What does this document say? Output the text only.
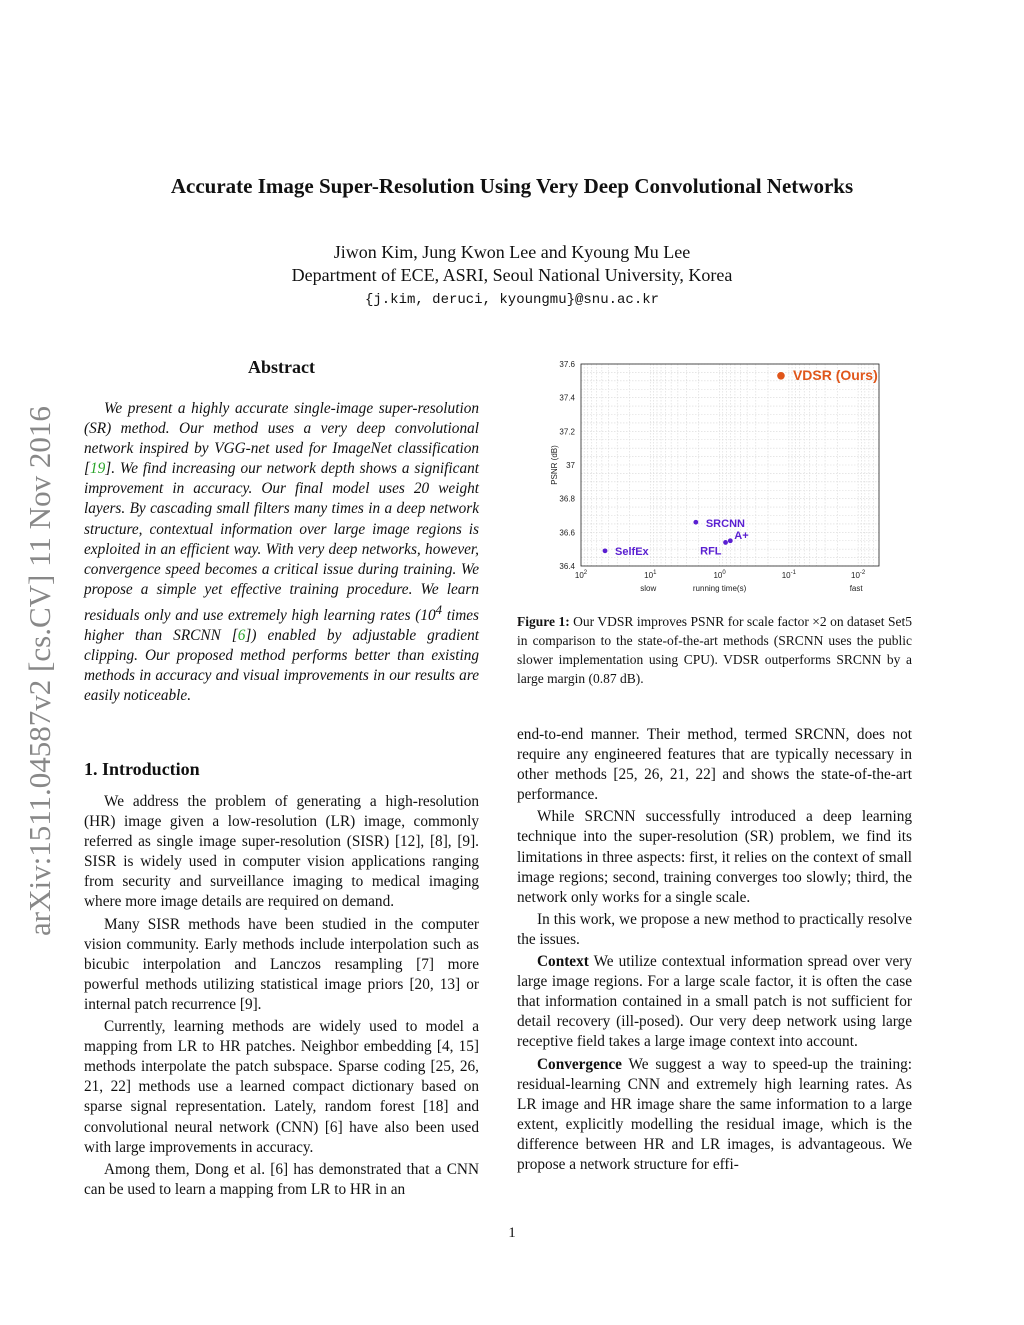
Accurate Image Super-Resolution Using Very Deep Convolutional Networks
Jiwon Kim, Jung Kwon Lee and Kyoung Mu Lee
Department of ECE, ASRI, Seoul National University, Korea
{j.kim, deruci, kyoungmu}@snu.ac.kr
arXiv:1511.04587v2 [cs.CV] 11 Nov 2016
Abstract
We present a highly accurate single-image super-resolution (SR) method. Our method uses a very deep convolutional network inspired by VGG-net used for ImageNet classification [19]. We find increasing our network depth shows a significant improvement in accuracy. Our final model uses 20 weight layers. By cascading small filters many times in a deep network structure, contextual information over large image regions is exploited in an efficient way. With very deep networks, however, convergence speed becomes a critical issue during training. We propose a simple yet effective training procedure. We learn residuals only and use extremely high learning rates ($10^4$ times higher than SRCNN [6]) enabled by adjustable gradient clipping. Our proposed method performs better than existing methods in accuracy and visual improvements in our results are easily noticeable.
1. Introduction

We address the problem of generating a high-resolution (HR) image given a low-resolution (LR) image, commonly referred as single image super-resolution (SISR) [12], [8], [9]. SISR is widely used in computer vision applications ranging from security and surveillance imaging to medical imaging where more image details are required on demand.

Many SISR methods have been studied in the computer vision community. Early methods include interpolation such as bicubic interpolation and Lanczos resampling [7] more powerful methods utilizing statistical image priors [20, 13] or internal patch recurrence [9].

Currently, learning methods are widely used to model a mapping from LR to HR patches. Neighbor embedding [4, 15] methods interpolate the patch subspace. Sparse coding [25, 26, 21, 22] methods use a learned compact dictionary based on sparse signal representation. Lately, random forest [18] and convolutional neural network (CNN) [6] have also been used with large improvements in accuracy.

Among them, Dong et al. [6] has demonstrated that a CNN can be used to learn a mapping from LR to HR in an

36.4
36.6
36.8
37
37.2
37.4
37.6
$10^2$	$10^1$	$10^0$	$10^{-1}$	$10^{-2}$
slow	running time(s)	fast
PSNR (dB)
SelfEx
SRCNN
RFL
A+
VDSR (Ours)
Figure 1: Our VDSR improves PSNR for scale factor ×2 on dataset Set5 in comparison to the state-of-the-art methods (SRCNN uses the public slower implementation using CPU). VDSR outperforms SRCNN by a large margin (0.87 dB).

end-to-end manner. Their method, termed SRCNN, does not require any engineered features that are typically necessary in other methods [25, 26, 21, 22] and shows the state-of-the-art performance.

While SRCNN successfully introduced a deep learning technique into the super-resolution (SR) problem, we find its limitations in three aspects: first, it relies on the context of small image regions; second, training converges too slowly; third, the network only works for a single scale.

In this work, we propose a new method to practically resolve the issues.

Context We utilize contextual information spread over very large image regions. For a large scale factor, it is often the case that information contained in a small patch is not sufficient for detail recovery (ill-posed). Our very deep network using large receptive field takes a large image context into account.

Convergence We suggest a way to speed-up the training: residual-learning CNN and extremely high learning rates. As LR image and HR image share the same information to a large extent, explicitly modelling the residual image, which is the difference between HR and LR images, is advantageous. We propose a network structure for effi-

1
